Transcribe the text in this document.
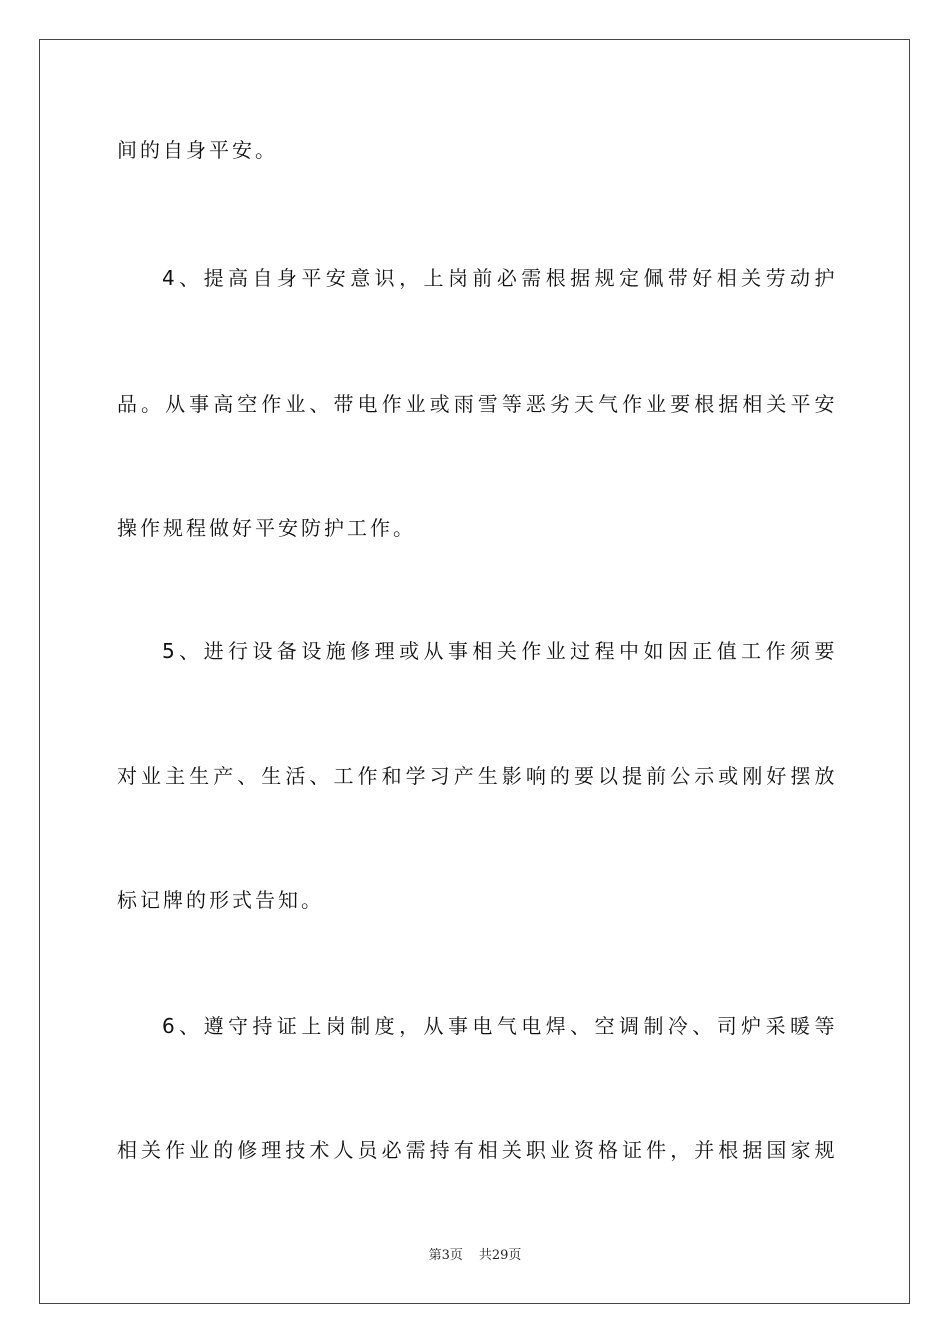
间的自身平安。
4、提高自身平安意识，上岗前必需根据规定佩带好相关劳动护
品。从事高空作业、带电作业或雨雪等恶劣天气作业要根据相关平安
操作规程做好平安防护工作。
5、进行设备设施修理或从事相关作业过程中如因正值工作须要
对业主生产、生活、工作和学习产生影响的要以提前公示或刚好摆放
标记牌的形式告知。
6、遵守持证上岗制度，从事电气电焊、空调制冷、司炉采暖等
相关作业的修理技术人员必需持有相关职业资格证件，并根据国家规
第3页 共29页
